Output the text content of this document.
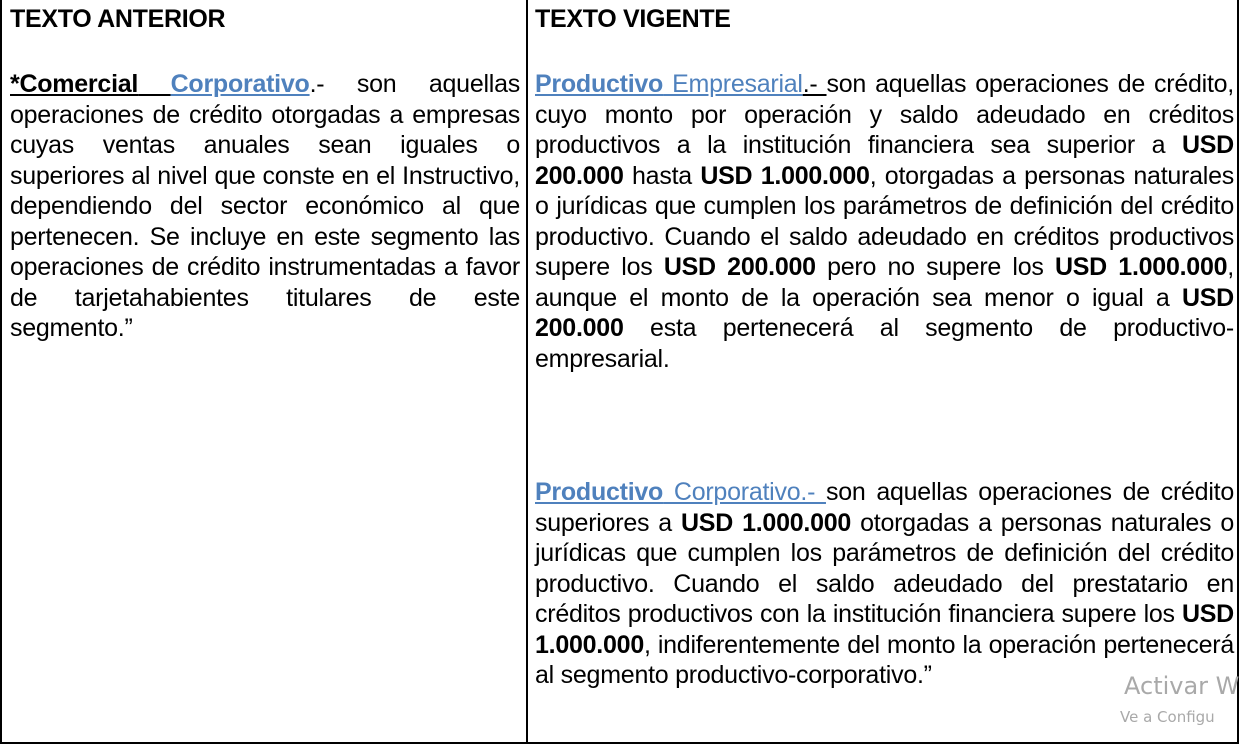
TEXTO ANTERIOR

*Comercial Corporativo.- son aquellas operaciones de crédito otorgadas a empresas cuyas ventas anuales sean iguales o superiores al nivel que conste en el Instructivo, dependiendo del sector económico al que pertenecen. Se incluye en este segmento las operaciones de crédito instrumentadas a favor de tarjetahabientes titulares de este segmento.”

TEXTO VIGENTE

Productivo Empresarial.- son aquellas operaciones de crédito, cuyo monto por operación y saldo adeudado en créditos productivos a la institución financiera sea superior a USD 200.000 hasta USD 1.000.000, otorgadas a personas naturales o jurídicas que cumplen los parámetros de definición del crédito productivo. Cuando el saldo adeudado en créditos productivos supere los USD 200.000 pero no supere los USD 1.000.000, aunque el monto de la operación sea menor o igual a USD 200.000 esta pertenecerá al segmento de productivo-empresarial.

Productivo Corporativo.- son aquellas operaciones de crédito superiores a USD 1.000.000 otorgadas a personas naturales o jurídicas que cumplen los parámetros de definición del crédito productivo. Cuando el saldo adeudado del prestatario en créditos productivos con la institución financiera supere los USD 1.000.000, indiferentemente del monto la operación pertenecerá al segmento productivo-corporativo.”	Activar W
Ve a Configu
